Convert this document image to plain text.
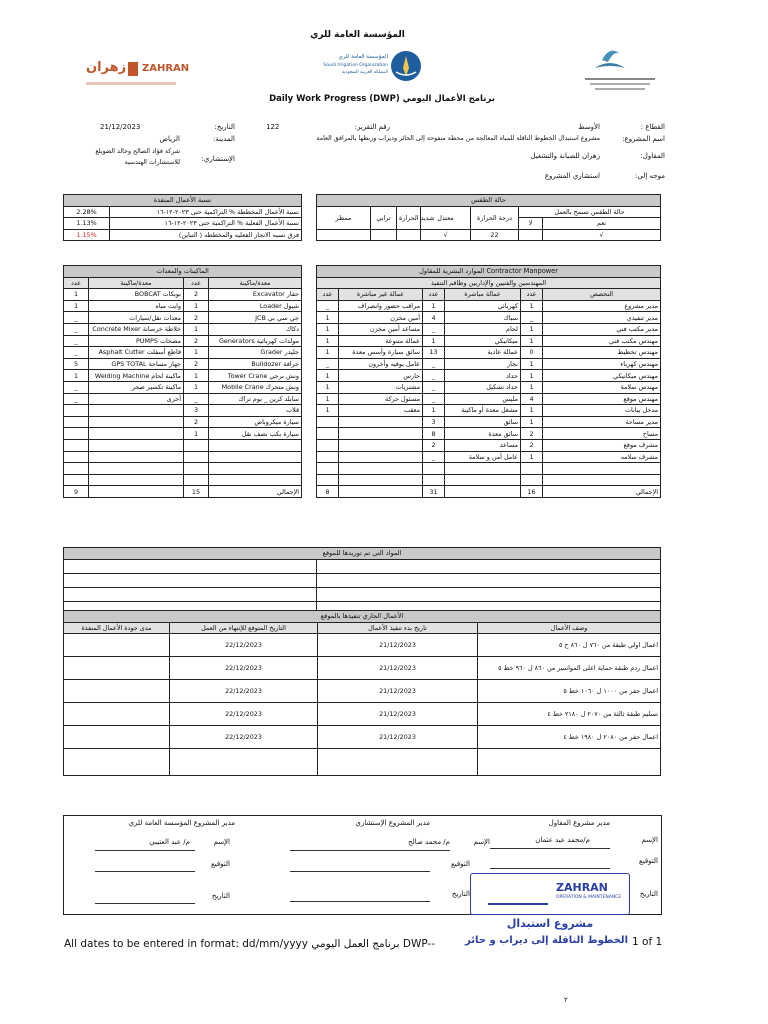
المؤسسة العامة للري
المؤسسة العامة للري
Saudi Irrigation Organization
المملكة العربية السعودية
زهران ZAHRAN
Daily Work Progress (DWP) برنامج الأعمال اليومي
القطاع :
الأوسط
رقم التقرير:
122
التاريخ:
21/12/2023
اسم المشروع:
مشروع استبدال الخطوط الناقلة للمياه المعالجة من محطة منفوحة إلى الحائر وديراب وربطها بالمرافق العامة
المدينة:
الرياض
المقاول:
زهران للصيانة والتشغيل
الإستشاري:
شركة فؤاد الصالح وخالد الضويلع
للاستشارات الهندسية
موجه إلى:
استشاري المشروع
نسبة الأعمال المنفذة	
2.28%	نسبة الأعمال المخططة % التراكمية حتى ٢٠٢٣-١٢-١٦
1.13%	نسبة الأعمال الفعلية % التراكمية حتى ٢٠٢٣-١٢-١٦
1.15%	فرق نسبه الانجاز الفعليه والمخططه ( التباين)
حالة الطقس						
ممطر	ترابي	شديد الحرارة	معتدل	درجة الحرارة	حالة الطقس تسمح بالعمل	
					لا	نعم
			√	22		√
الماكينات والمعدات			
عدد	معدة/ماكينة	عدد	معدة/ماكينة
1	بوبكات BOBCAT	2	حفار Excavator
1	وايت مياه	1	شيول Loader
_	معدات نقل/سيارات	2	جي سي بي JCB
_	خلاطة خرسانة Concrete Mixer	1	دكاك
_	مضخات PUMPS	2	مولدات كهربائية Generators
_	قاطع أسفلت Asphalt Cutter	1	جليدر Grader
5	جهاز مساحة GPS TOTAL	2	جرافة Bulldozer
1	ماكينة لحام Welding Machine	1	ونش برجي Tower Crane
_	ماكينة تكسير صخر	1	ونش متحرك Mobile Crane
_	أخرى	_	سايلد كرين _ بوم تراك
		3	قلاب
		2	سيارة ميكروباص
		1	سيارة بكب نصف نقل

9		15	الإجمالي
الموارد البشرية للمقاول Contractor Manpower					
المهندسين والفنيين والإداريين وطاقم التنفيذ					
عدد	عمالة غير مباشرة	عدد	عمالة مباشرة	عدد	التخصص
_	مراقب حضور وانصراف	1	كهربائي	1	مدير مشروع
1	أمين مخزن	4	سباك	_	مدير تنفيذي
1	مساعد أمين مخزن	_	لحام	1	مدير مكتب فني
1	عمالة متنوعة	1	ميكانيكي	1	مهندس مكتب فني
1	سائق سيارة وأسس معدة	13	عمالة عادية	0	مهندس تخطيط
_	عامل بوفيه وأخرون	_	نجار	1	مهندس كهرباء
1	حارس	_	حداد	1	مهندس ميكانيكي
1	مشتريات	_	حداد تشكيل	1	مهندس سلامة
1	مسئول حركة	_	مليس	4	مهندس موقع
1	معقب	1	مشغل معدة أو ماكينة	1	مدخل بيانات
		3	سائق	1	مدير مساحة
		8	سائق معدة	2	مساح
		2	مساعد	2	مشرف موقع
		_	عامل أمن و سلامة	1	مشرف سلامه

8		31		16	الإجمالي
المواد التي تم توريدها للموقع	

الأعمال الجاري تنفيذها بالموقع			
مدى جودة الأعمال المنفذة	التاريخ المتوقع للإنتهاء من العمل	تاريخ بدء تنفيذ الأعمال	وصف الأعمال
	22/12/2023	21/12/2023	اعمال اولي طبقة من ٧٦٠ ل ٨٦٠ خ ٥
	22/12/2023	21/12/2023	اعمال ردم طبقة حماية اعلى المواسير من ٨٦٠ ل ٩٦٠ خط ٥
	22/12/2023	21/12/2023	اعمال حفر من ١٠٠٠ ل ١٠٦٠ خط ٥
	22/12/2023	21/12/2023	تسليم طبقة ثالثة من ٢٠٧٠ ل ٢١٨٠ خط ٤
	22/12/2023	21/12/2023	اعمال حفر من ٢٠٨٠ ل ١٩٨٠ خط ٤

مدير مشروع المقاول
مدير المشروع الإستشاري
مدير المشروع المؤسسة العامة للري
الإسم
م/محمد عيد عثمان
الإسم
م/ محمد صالح
الإسم
م/ عبد العتيبي
التوقيع
التوقيع
التوقيع
التاريخ
التاريخ
التاريخ
ZAHRAN
OPERATION & MAINTENANCE
مشروع استبدال
الخطوط الناقلة إلى ديراب و حائر
All dates to be entered in format: dd/mm/yyyy برنامج العمل اليومي DWP--	1 of 1
٢
